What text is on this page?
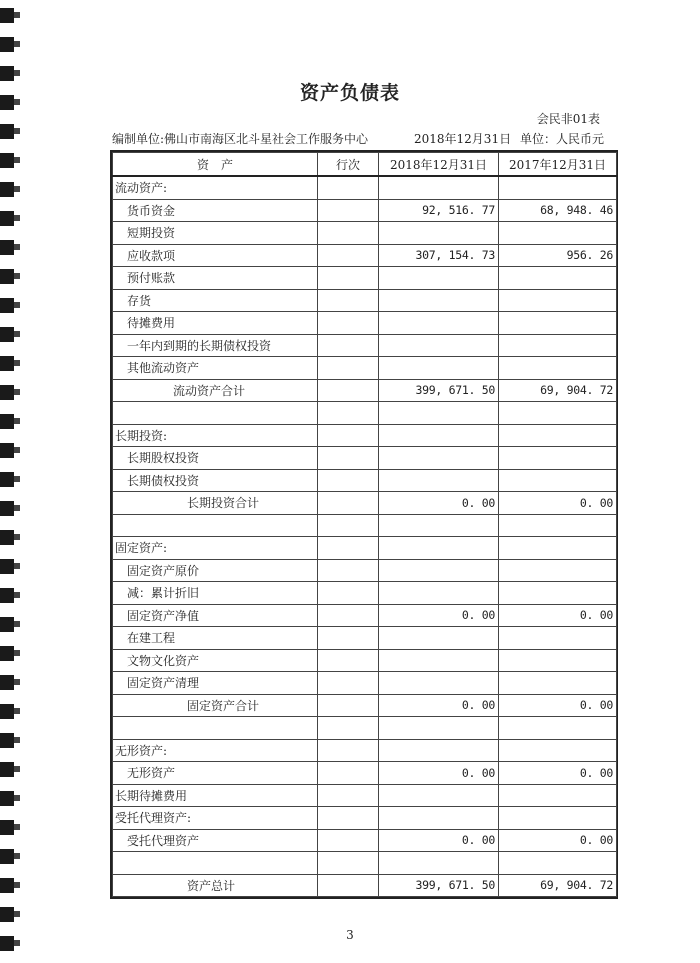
资产负债表
会民非01表
编制单位:佛山市南海区北斗星社会工作服务中心	2018年12月31日 单位：人民币元
资　产	行次	2018年12月31日	2017年12月31日
流动资产:			
货币资金		92, 516. 77	68, 948. 46
短期投资			
应收款项		307, 154. 73	956. 26
预付账款			
存货			
待摊费用			
一年内到期的长期债权投资			
其他流动资产			
流动资产合计		399, 671. 50	69, 904. 72

长期投资:			
长期股权投资			
长期债权投资			
长期投资合计		0. 00	0. 00

固定资产:			
固定资产原价			
减：累计折旧			
固定资产净值		0. 00	0. 00
在建工程			
文物文化资产			
固定资产清理			
固定资产合计		0. 00	0. 00

无形资产:			
无形资产		0. 00	0. 00
长期待摊费用			
受托代理资产:			
受托代理资产		0. 00	0. 00

资产总计		399, 671. 50	69, 904. 72
3
